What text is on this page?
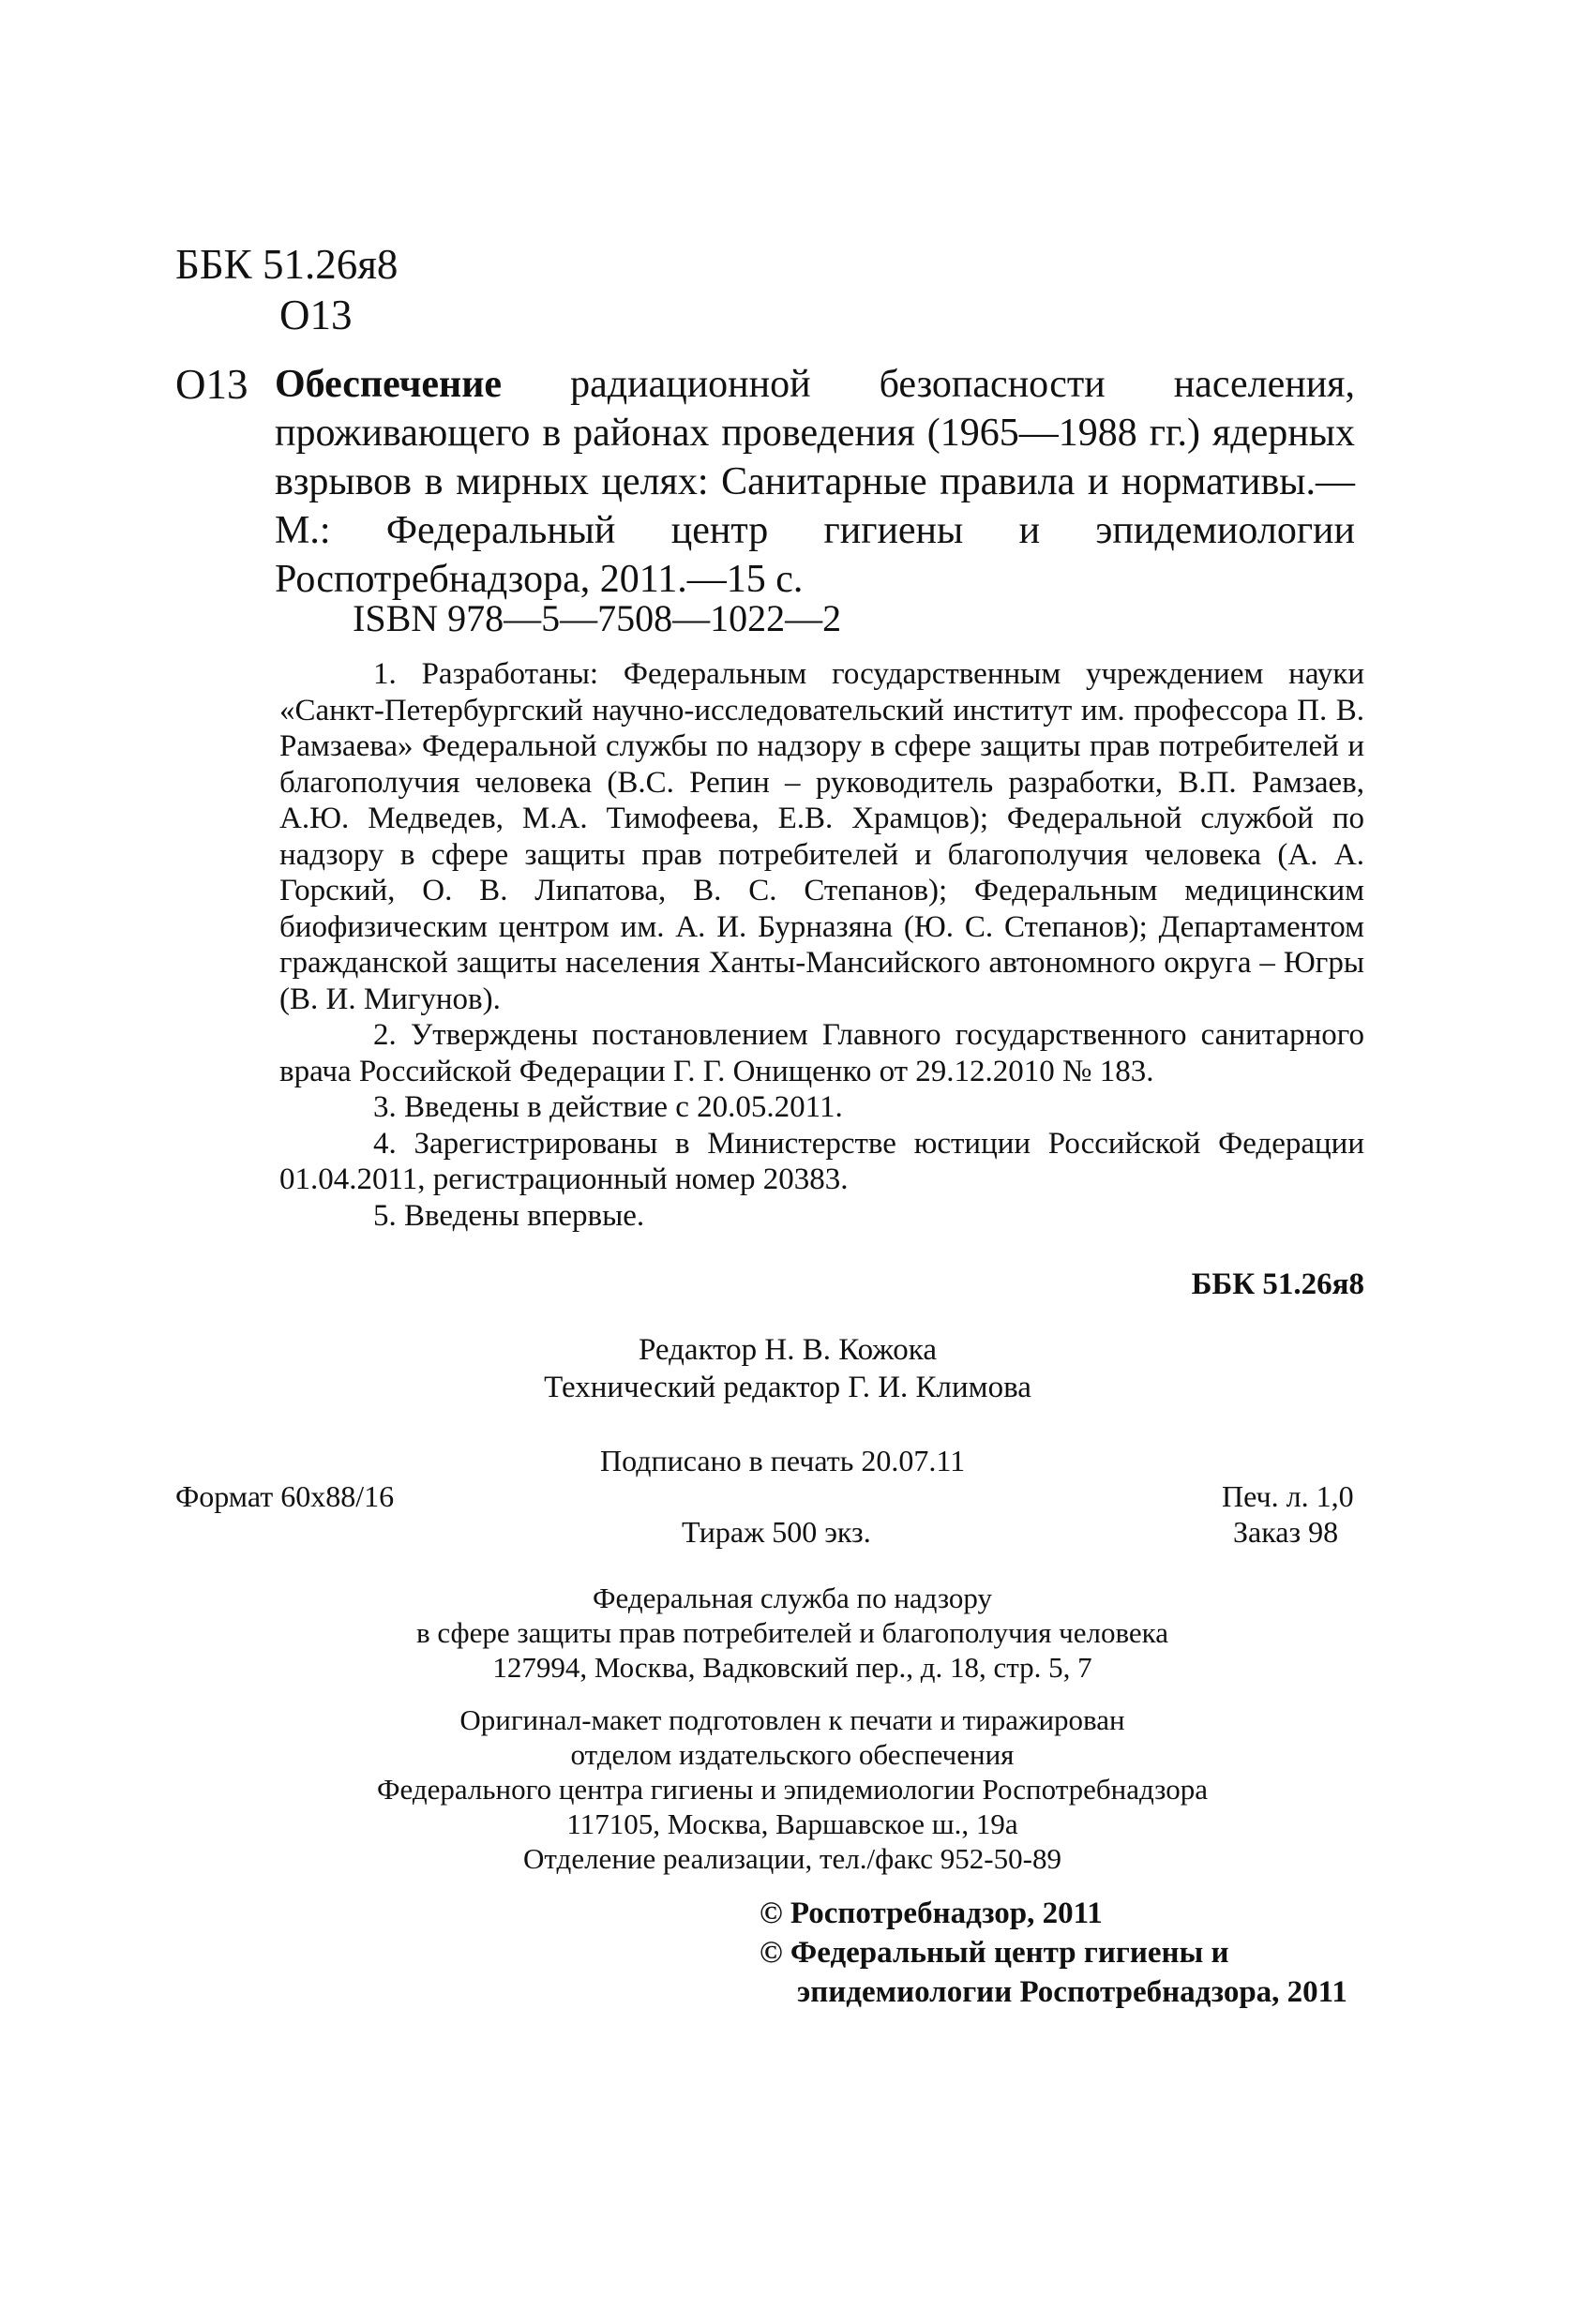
ББК 51.26я8
О13
О13 Обеспечение радиационной безопасности населения, проживающего в районах проведения (1965—1988 гг.) ядерных взрывов в мирных целях: Санитарные правила и нормативы.—М.: Федеральный центр гигиены и эпидемиологии Роспотребнадзора, 2011.—15 с.
ISBN 978—5—7508—1022—2

1. Разработаны: Федеральным государственным учреждением науки «Санкт-Петербургский научно-исследовательский институт им. профессора П. В. Рамзаева» Федеральной службы по надзору в сфере защиты прав потребителей и благополучия человека (В.С. Репин – руководитель разработки, В.П. Рамзаев, А.Ю. Медведев, М.А. Тимофеева, Е.В. Храмцов); Федеральной службой по надзору в сфере защиты прав потребителей и благополучия человека (А. А. Горский, О. В. Липатова, В. С. Степанов); Федеральным медицинским биофизическим центром им. А. И. Бурназяна (Ю. С. Степанов); Департаментом гражданской защиты населения Ханты-Мансийского автономного округа – Югры (В. И. Мигунов).

2. Утверждены постановлением Главного государственного санитарного врача Российской Федерации Г. Г. Онищенко от 29.12.2010 № 183.

3. Введены в действие с 20.05.2011.

4. Зарегистрированы в Министерстве юстиции Российской Федерации 01.04.2011, регистрационный номер 20383.

5. Введены впервые.

ББК 51.26я8
Редактор Н. В. Кожока
Технический редактор Г. И. Климова
Подписано в печать 20.07.11
Формат 60х88/16	Печ. л. 1,0
Тираж 500 экз.	Заказ 98
Федеральная служба по надзору
в сфере защиты прав потребителей и благополучия человека
127994, Москва, Вадковский пер., д. 18, стр. 5, 7
Оригинал-макет подготовлен к печати и тиражирован
отделом издательского обеспечения
Федерального центра гигиены и эпидемиологии Роспотребнадзора
117105, Москва, Варшавское ш., 19а
Отделение реализации, тел./факс 952-50-89
© Роспотребнадзор, 2011
© Федеральный центр гигиены и
эпидемиологии Роспотребнадзора, 2011
